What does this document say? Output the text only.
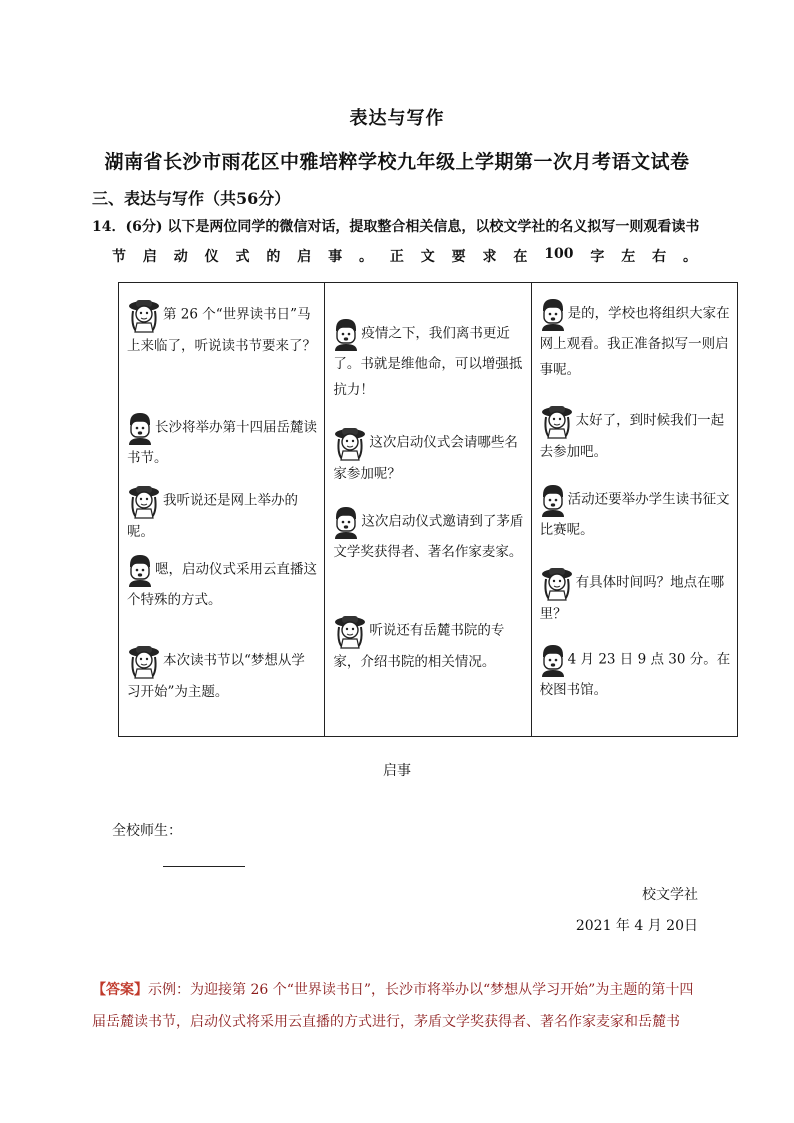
表达与写作
湖南省长沙市雨花区中雅培粹学校九年级上学期第一次月考语文试卷
三、表达与写作（共56分）
14．(6分) 以下是两位同学的微信对话，提取整合相关信息，以校文学社的名义拟写一则观看读书
节 启 动 仪 式 的 启 事 。 正 文 要 求 在 100 字 左 右 。
第 26 个“世界读书日”马上来临了，听说读书节要来了？
长沙将举办第十四届岳麓读书节。
我听说还是网上举办的呢。
嗯，启动仪式采用云直播这个特殊的方式。
本次读书节以“梦想从学习开始”为主题。
疫情之下，我们离书更近了。书就是维他命，可以增强抵抗力！
这次启动仪式会请哪些名家参加呢？
这次启动仪式邀请到了茅盾文学奖获得者、著名作家麦家。
听说还有岳麓书院的专家，介绍书院的相关情况。
是的，学校也将组织大家在网上观看。我正准备拟写一则启事呢。
太好了，到时候我们一起去参加吧。
活动还要举办学生读书征文比赛呢。
有具体时间吗？地点在哪里？
4 月 23 日 9 点 30 分。在校图书馆。
启事
全校师生：
校文学社
2021 年 4 月 20日
【答案】示例：为迎接第 26 个“世界读书日”，长沙市将举办以“梦想从学习开始”为主题的第十四届岳麓读书节，启动仪式将采用云直播的方式进行，茅盾文学奖获得者、著名作家麦家和岳麓书
